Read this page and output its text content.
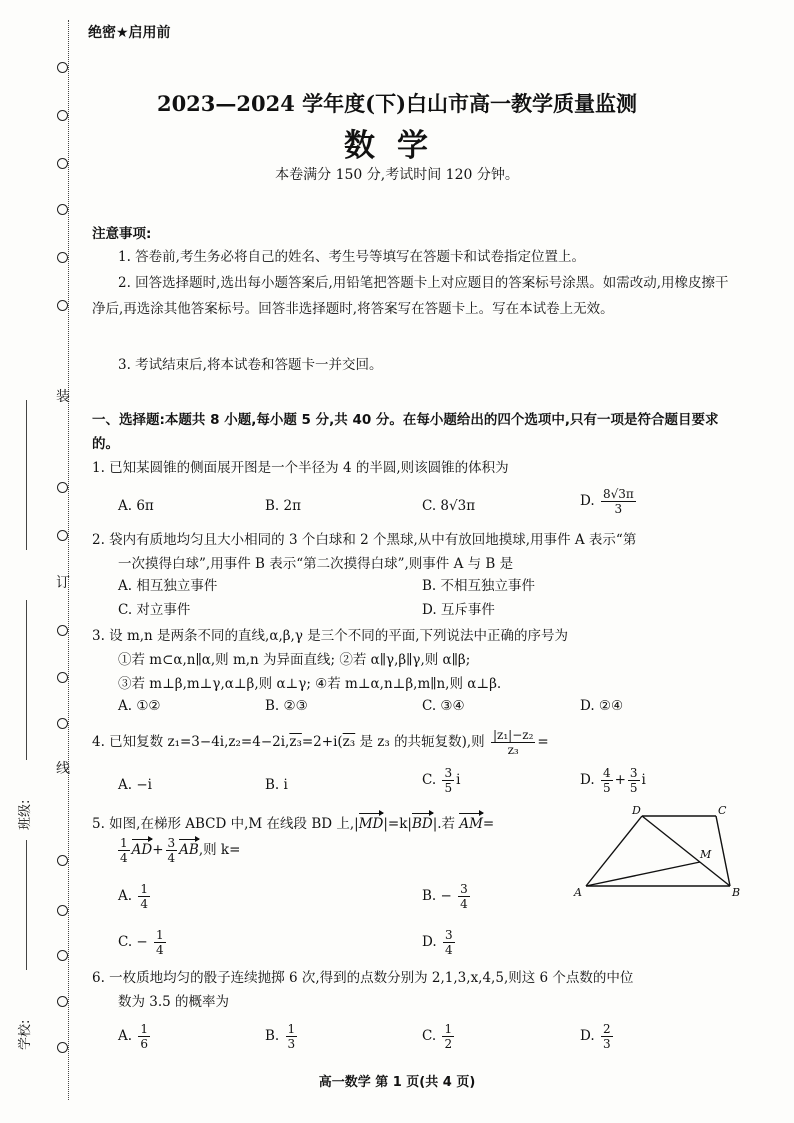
装
订
线
班级:
学校:
绝密★启用前
2023—2024 学年度(下)白山市高一教学质量监测
数学
本卷满分 150 分,考试时间 120 分钟。
注意事项:
1. 答卷前,考生务必将自己的姓名、考生号等填写在答题卡和试卷指定位置上。
2. 回答选择题时,选出每小题答案后,用铅笔把答题卡上对应题目的答案标号涂黑。如需改动,用橡皮擦干净后,再选涂其他答案标号。回答非选择题时,将答案写在答题卡上。写在本试卷上无效。
3. 考试结束后,将本试卷和答题卡一并交回。
一、选择题:本题共 8 小题,每小题 5 分,共 40 分。在每小题给出的四个选项中,只有一项是符合题目要求的。
1. 已知某圆锥的侧面展开图是一个半径为 4 的半圆,则该圆锥的体积为
A. 6π	B. 2π	C. 8√3π	D. $\frac{8√3\pi}{3}$
2. 袋内有质地均匀且大小相同的 3 个白球和 2 个黑球,从中有放回地摸球,用事件 A 表示“第
一次摸得白球”,用事件 B 表示“第二次摸得白球”,则事件 A 与 B 是
A. 相互独立事件	B. 不相互独立事件
C. 对立事件	D. 互斥事件
3. 设 m,n 是两条不同的直线,α,β,γ 是三个不同的平面,下列说法中正确的序号为
①若 m⊂α,n∥α,则 m,n 为异面直线; ②若 α∥γ,β∥γ,则 α∥β;
③若 m⊥β,m⊥γ,α⊥β,则 α⊥γ; ④若 m⊥α,n⊥β,m∥n,则 α⊥β.
A. ①②	B. ②③	C. ③④	D. ②④
4. 已知复数 z₁=3−4i,z₂=4−2i,z₃=2+i(z₃ 是 z₃ 的共轭复数),则 $\frac{\text{|z₁|−z₂}}{\text{z₃}}$ =
A. −i	B. i	C. $\frac{3}{5}$ i	D. $\frac{4}{5} + \frac{3}{5}$ i
5. 如图,在梯形 ABCD 中,M 在线段 BD 上,|MD|=k|BD|.若 AM=
$\frac{1}{4} AD+ \frac{3}{4}$ AB,则 k=
A. $\frac{1}{4}$	B. − $\frac{3}{4}$
C. − $\frac{1}{4}$	D. $\frac{3}{4}$
D	C
A	B
M
6. 一枚质地均匀的骰子连续抛掷 6 次,得到的点数分别为 2,1,3,x,4,5,则这 6 个点数的中位
数为 3.5 的概率为
A. $\frac{1}{6}$	B. $\frac{1}{3}$	C. $\frac{1}{2}$	D. $\frac{2}{3}$
高一数学 第 1 页(共 4 页)
